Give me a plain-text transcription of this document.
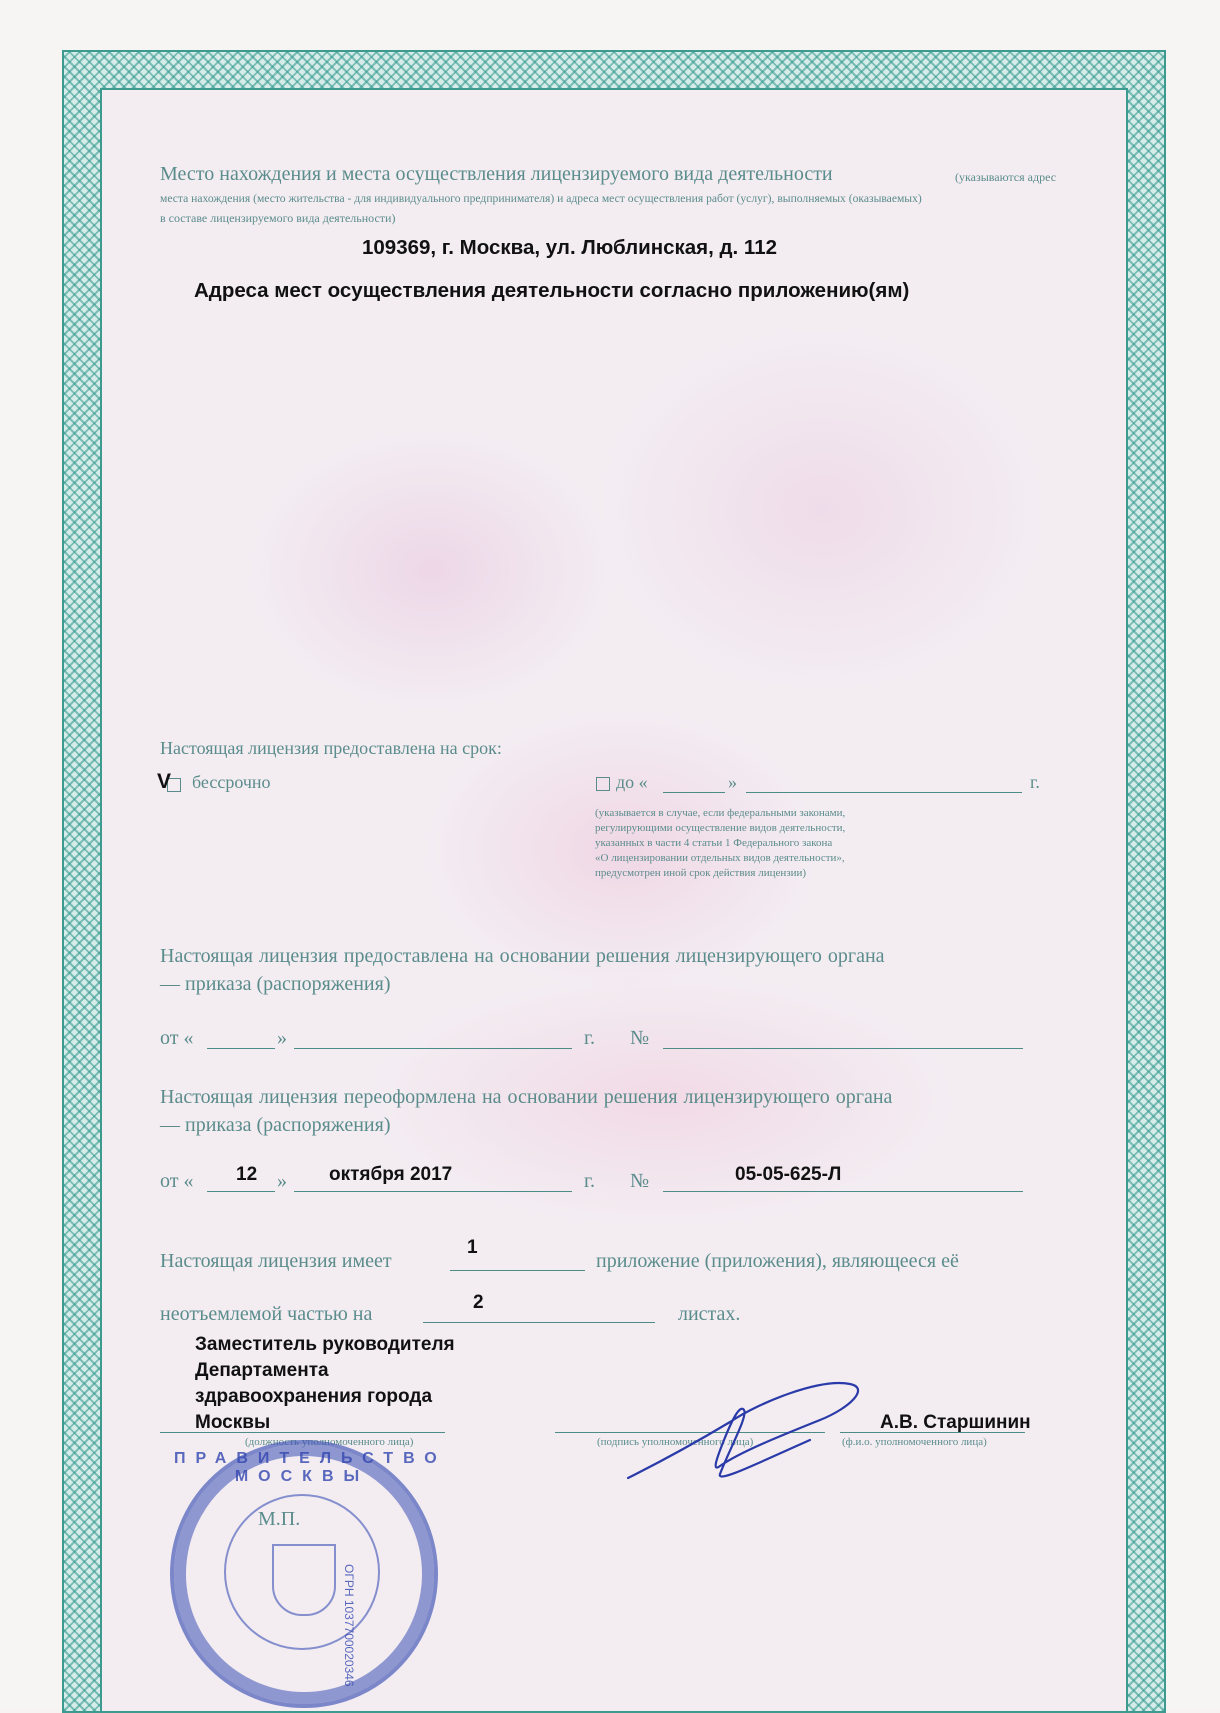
Место нахождения и места осуществления лицензируемого вида деятельности	(указываются адрес
места нахождения (место жительства - для индивидуального предпринимателя) и адреса мест осуществления работ (услуг), выполняемых (оказываемых)
в составе лицензируемого вида деятельности)
109369, г. Москва, ул. Люблинская, д. 112
Адреса мест осуществления деятельности согласно приложению(ям)
Настоящая лицензия предоставлена на срок:
V бессрочно	до «	»	г.
(указывается в случае, если федеральными законами,
регулирующими осуществление видов деятельности,
указанных в части 4 статьи 1 Федерального закона
«О лицензировании отдельных видов деятельности»,
предусмотрен иной срок действия лицензии)
Настоящая лицензия предоставлена на основании решения лицензирующего органа
— приказа (распоряжения)
от «	»	г. №
Настоящая лицензия переоформлена на основании решения лицензирующего органа
— приказа (распоряжения)
от « 12 » октября 2017	г. №	05-05-625-Л
Настоящая лицензия имеет
1
приложение (приложения), являющееся её
неотъемлемой частью на
2
листах.
Заместитель руководителя
Департамента
здравоохранения города
Москвы
(должность уполномоченного лица)	(подпись уполномоченного лица)
А.В. Старшинин
(ф.и.о. уполномоченного лица)
ПРАВИТЕЛЬСТВО МОСКВЫ
ОГРН 1037700020346
М.П.
